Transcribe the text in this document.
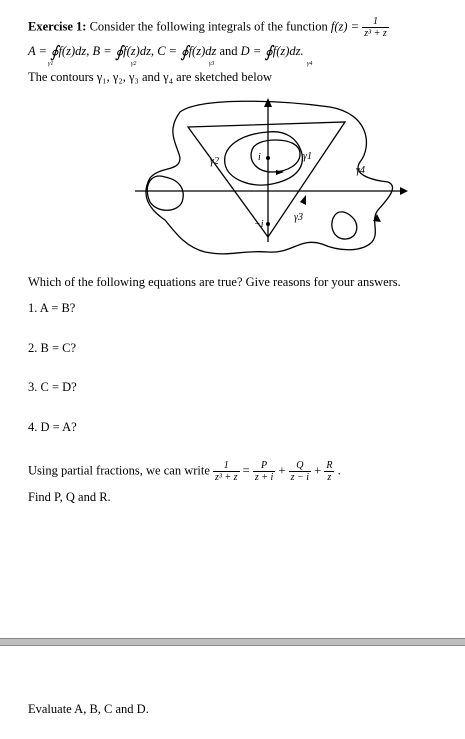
Exercise 1: Consider the following integrals of the function $f(z) = \frac{1}{\text{z³ + z}}$
A = ∮f(z)dz, B = ∮f(z)dz, C = ∮f(z)dz and D = ∮f(z)dz.
γ1	γ2	γ3	γ4
The contours γ₁, γ₂, γ₃ and γ₄ are sketched below
i
−i
γ1
γ2
γ3
γ4
Which of the following equations are true? Give reasons for your answers.
1. A = B?
2. B = C?
3. C = D?
4. D = A?
Using partial fractions, we can write $\frac{1}{\text{z³ + z}} = \frac{P}{z + i} + \frac{Q}{z - i} + \frac{R}{z}$ .
Find P, Q and R.
Evaluate A, B, C and D.
